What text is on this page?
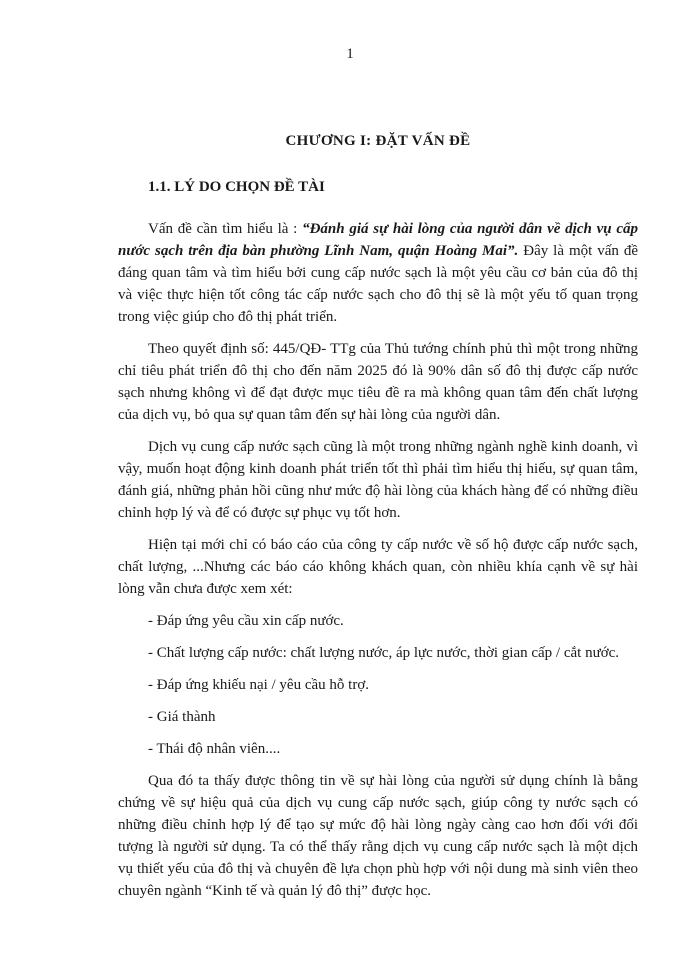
1
CHƯƠNG I: ĐẶT VẤN ĐỀ
1.1. LÝ DO CHỌN ĐỀ TÀI

Vấn đề cần tìm hiểu là : “Đánh giá sự hài lòng của người dân về dịch vụ cấp nước sạch trên địa bàn phường Lĩnh Nam, quận Hoàng Mai”. Đây là một vấn đề đáng quan tâm và tìm hiểu bởi cung cấp nước sạch là một yêu cầu cơ bản của đô thị và việc thực hiện tốt công tác cấp nước sạch cho đô thị sẽ là một yếu tố quan trọng trong việc giúp cho đô thị phát triển.

Theo quyết định số: 445/QĐ- TTg của Thủ tướng chính phủ thì một trong những chỉ tiêu phát triển đô thị cho đến năm 2025 đó là 90% dân số đô thị được cấp nước sạch nhưng không vì để đạt được mục tiêu đề ra mà không quan tâm đến chất lượng của dịch vụ, bỏ qua sự quan tâm đến sự hài lòng của người dân.

Dịch vụ cung cấp nước sạch cũng là một trong những ngành nghề kinh doanh, vì vậy, muốn hoạt động kinh doanh phát triển tốt thì phải tìm hiểu thị hiếu, sự quan tâm, đánh giá, những phản hồi cũng như mức độ hài lòng của khách hàng để có những điều chỉnh hợp lý và để có được sự phục vụ tốt hơn.

Hiện tại mới chỉ có báo cáo của công ty cấp nước về số hộ được cấp nước sạch, chất lượng, ...Nhưng các báo cáo không khách quan, còn nhiều khía cạnh về sự hài lòng vẫn chưa được xem xét:

- Đáp ứng yêu cầu xin cấp nước.

- Chất lượng cấp nước: chất lượng nước, áp lực nước, thời gian cấp / cắt nước.

- Đáp ứng khiếu nại / yêu cầu hỗ trợ.

- Giá thành

- Thái độ nhân viên....

Qua đó ta thấy được thông tin về sự hài lòng của người sử dụng chính là bằng chứng về sự hiệu quả của dịch vụ cung cấp nước sạch, giúp công ty nước sạch có những điều chỉnh hợp lý để tạo sự mức độ hài lòng ngày càng cao hơn đối với đối tượng là người sử dụng. Ta có thể thấy rằng dịch vụ cung cấp nước sạch là một dịch vụ thiết yếu của đô thị và chuyên đề lựa chọn phù hợp với nội dung mà sinh viên theo chuyên ngành “Kinh tế và quản lý đô thị” được học.
